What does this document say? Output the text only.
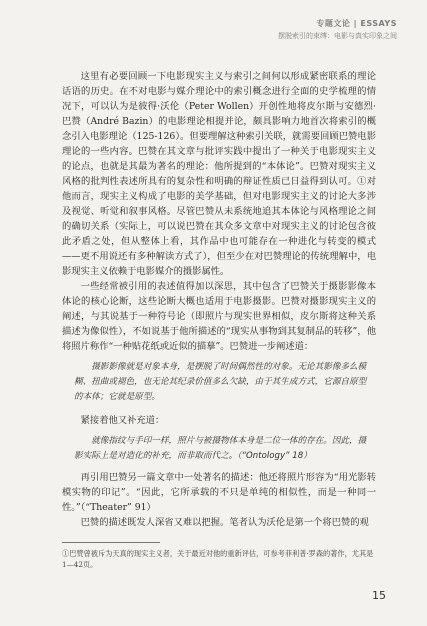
专题文论 | ESSAYS
摆脱索引的束缚：电影与真实印象之间

这里有必要回顾一下电影现实主义与索引之间何以形成紧密联系的理论话语的历史。在不对电影与媒介理论中的索引概念进行全面的史学梳理的情况下，可以认为是彼得·沃伦（Peter Wollen）开创性地将皮尔斯与安德烈·巴赞（André Bazin）的电影理论相提并论，颇具影响力地首次将索引的概念引入电影理论（125-126）。但要理解这种索引关联，就需要回顾巴赞电影理论的一些内容。巴赞在其文章与批评实践中提出了一种关于电影现实主义的论点，也就是其最为著名的理论：他所提到的“本体论”。巴赞对现实主义风格的批判性表述所具有的复杂性和明确的辩证性质已日益得到认可。①对他而言，现实主义构成了电影的美学基础，但对电影现实主义的讨论大多涉及视觉、听觉和叙事风格。尽管巴赞从未系统地追其本体论与风格理论之间的确切关系（实际上，可以说巴赞在其众多文章中对现实主义的讨论包含彼此矛盾之处，但从整体上看，其作品中也可能存在一种进化与转变的模式——更不用说还有多种解读方式了），但至少在对巴赞理论的传统理解中，电影现实主义依赖于电影媒介的摄影属性。

一些经常被引用的表述值得加以深思，其中包含了巴赞关于摄影影像本体论的核心论断，这些论断大概也适用于电影摄影。巴赞对摄影现实主义的阐述，与其说基于一种符号论（即照片与现实世界相似，皮尔斯将这种关系描述为像似性），不如说基于他所描述的“现实从事物到其复制品的转移”，他将照片称作“一种贴花纸或近似的描摹”。巴赞进一步阐述道：

摄影影像就是对象本身，是摆脱了时间偶然性的对象。无论其影像多么模糊、扭曲或褪色，也无论其纪录价值多么欠缺，由于其生成方式，它源自原型的本体；它就是原型。

紧接着他又补充道：

就像指纹与手印一样，照片与被摄物体本身是二位一体的存在。因此，摄影实际上是对造化的补充，而非取而代之。（“Ontology” 18）

再引用巴赞另一篇文章中一处著名的描述：他还将照片形容为“用光影转模实物的印记”。“因此，它所承载的不只是单纯的相似性，而是一种同一性。”（“Theater” 91）

巴赞的描述既发人深省又难以把握。笔者认为沃伦是第一个将巴赞的观

①巴赞曾被斥为天真的现实主义者，关于最近对他的重新评估，可参考菲利普·罗森的著作，尤其是1—42页。
15
